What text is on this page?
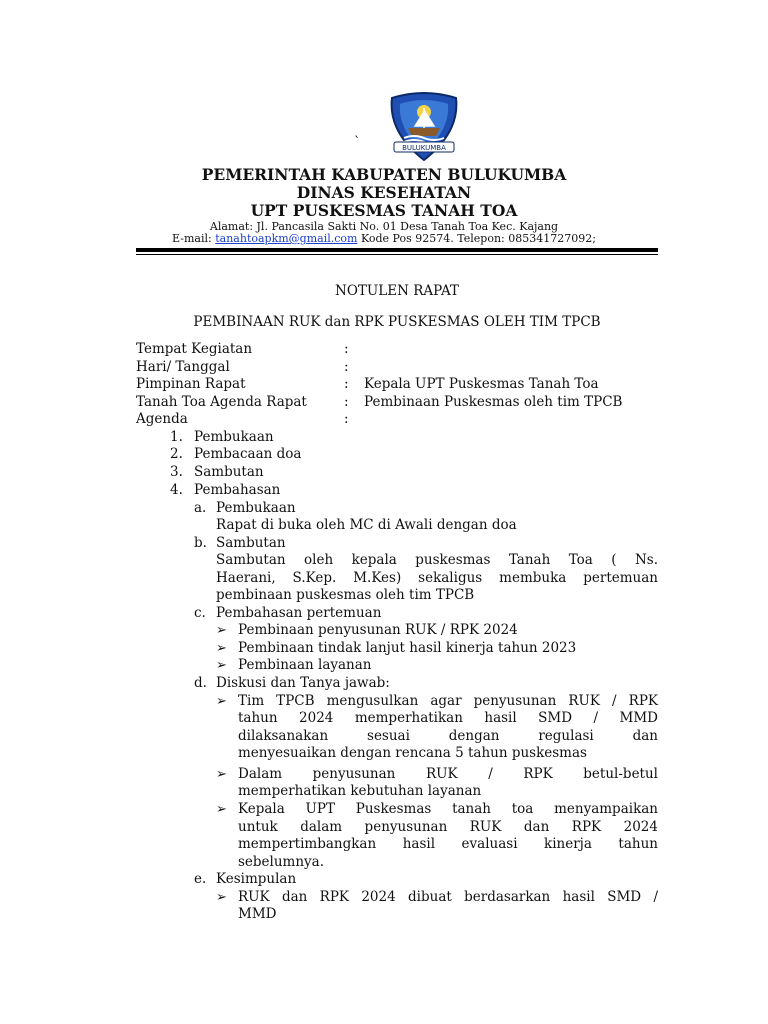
BULUKUMBA
`
PEMERINTAH KABUPATEN BULUKUMBA
DINAS KESEHATAN
UPT PUSKESMAS TANAH TOA
Alamat: Jl. Pancasila Sakti No. 01 Desa Tanah Toa Kec. Kajang
E-mail: tanahtoapkm@gmail.com Kode Pos 92574. Telepon: 085341727092;
NOTULEN RAPAT
PEMBINAAN RUK dan RPK PUSKESMAS OLEH TIM TPCB
Tempat Kegiatan	:
Hari/ Tanggal	:
Pimpinan Rapat	: Kepala UPT Puskesmas Tanah Toa
Tanah Toa Agenda Rapat	: Pembinaan Puskesmas oleh tim TPCB
Agenda	:
1. Pembukaan
2. Pembacaan doa
3. Sambutan
4. Pembahasan
a. Pembukaan
Rapat di buka oleh MC di Awali dengan doa
b. Sambutan
Sambutan oleh kepala puskesmas Tanah Toa ( Ns.
Haerani, S.Kep. M.Kes) sekaligus membuka pertemuan
pembinaan puskesmas oleh tim TPCB
c. Pembahasan pertemuan
➢ Pembinaan penyusunan RUK / RPK 2024
➢ Pembinaan tindak lanjut hasil kinerja tahun 2023
➢ Pembinaan layanan
d. Diskusi dan Tanya jawab:
➢ Tim TPCB mengusulkan agar penyusunan RUK / RPK
tahun 2024 memperhatikan hasil SMD / MMD
dilaksanakan sesuai dengan regulasi dan
menyesuaikan dengan rencana 5 tahun puskesmas
➢ Dalam penyusunan RUK / RPK betul-betul
memperhatikan kebutuhan layanan
➢ Kepala UPT Puskesmas tanah toa menyampaikan
untuk dalam penyusunan RUK dan RPK 2024
mempertimbangkan hasil evaluasi kinerja tahun
sebelumnya.
e. Kesimpulan
➢ RUK dan RPK 2024 dibuat berdasarkan hasil SMD /
MMD
